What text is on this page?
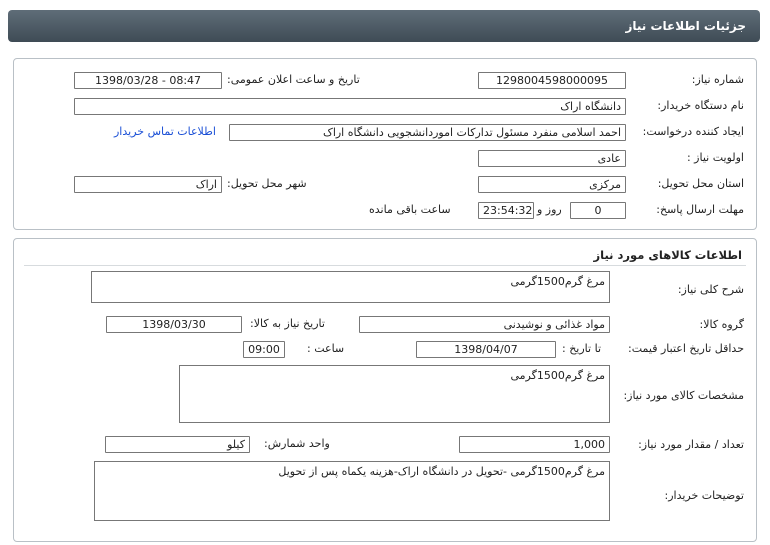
جزئیات اطلاعات نیاز
شماره نیاز:
1298004598000095
تاریخ و ساعت اعلان عمومی:
1398/03/28 - 08:47
نام دستگاه خریدار:
دانشگاه اراک
ایجاد کننده درخواست:
احمد اسلامی منفرد مسئول تدارکات اموردانشجویی دانشگاه اراک
اطلاعات تماس خریدار
اولویت نیاز :
عادی
استان محل تحویل:
مرکزی
شهر محل تحویل:
اراک
مهلت ارسال پاسخ:
0
روز و
23:54:32
ساعت باقی مانده
اطلاعات کالاهای مورد نیاز
شرح کلی نیاز:
مرغ گرم1500گرمی
گروه کالا:
مواد غذائی و نوشیدنی
تاریخ نیاز به کالا:
1398/03/30
حداقل تاریخ اعتبار قیمت:
تا تاریخ :
1398/04/07
ساعت :
09:00
مشخصات کالای مورد نیاز:
مرغ گرم1500گرمی
تعداد / مقدار مورد نیاز:
1,000
واحد شمارش:
کیلو
توضیحات خریدار:
مرغ گرم1500گرمی -تحویل در دانشگاه اراک-هزینه یکماه پس از تحویل
